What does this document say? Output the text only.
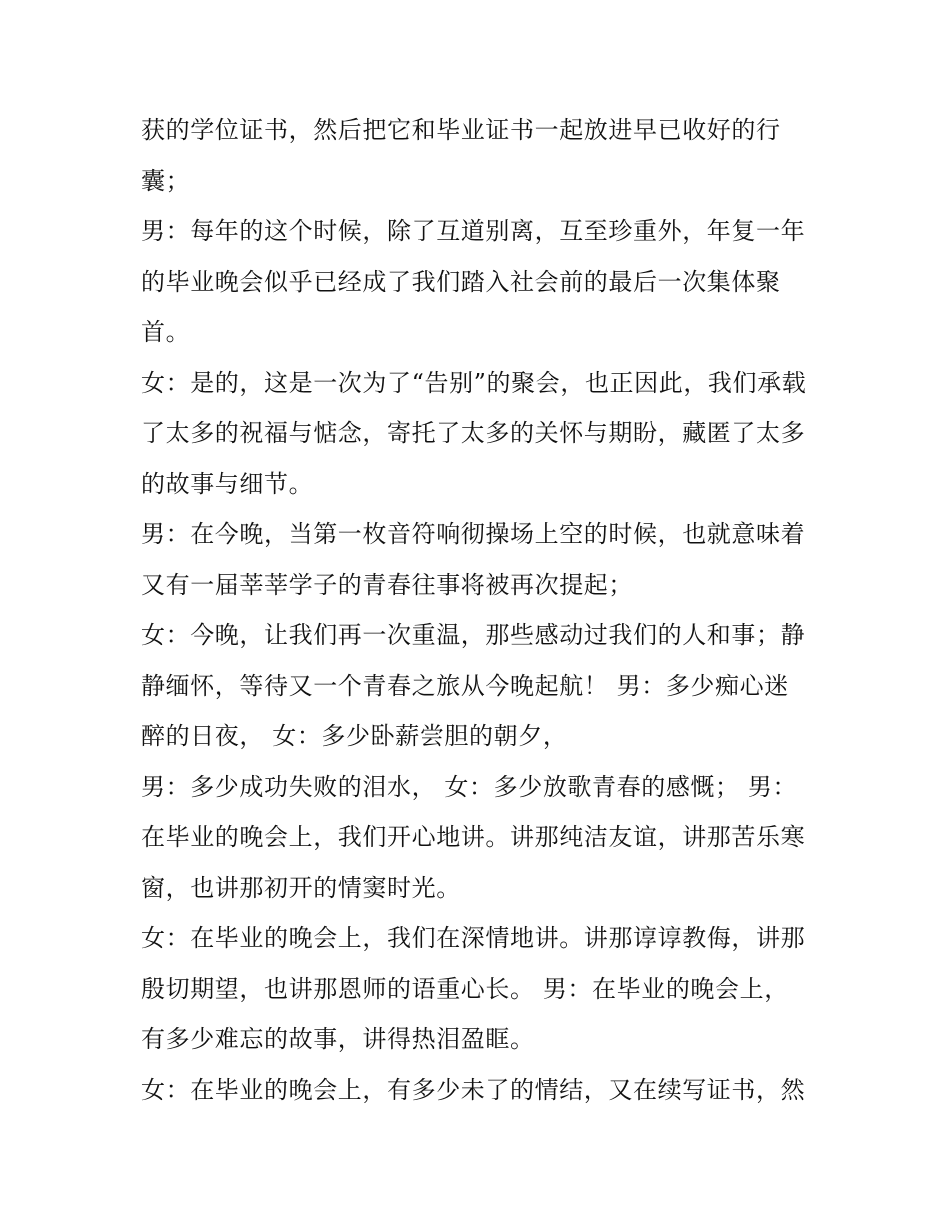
获的学位证书，然后把它和毕业证书一起放进早已收好的行
囊；
男：每年的这个时候，除了互道别离，互至珍重外，年复一年
的毕业晚会似乎已经成了我们踏入社会前的最后一次集体聚
首。
女：是的，这是一次为了“告别”的聚会，也正因此，我们承载
了太多的祝福与惦念，寄托了太多的关怀与期盼，藏匿了太多
的故事与细节。
男：在今晚，当第一枚音符响彻操场上空的时候，也就意味着
又有一届莘莘学子的青春往事将被再次提起；
女：今晚，让我们再一次重温，那些感动过我们的人和事；静
静缅怀，等待又一个青春之旅从今晚起航！ 男：多少痴心迷
醉的日夜， 女：多少卧薪尝胆的朝夕，
男：多少成功失败的泪水， 女：多少放歌青春的感慨； 男：
在毕业的晚会上，我们开心地讲。讲那纯洁友谊，讲那苦乐寒
窗，也讲那初开的情窦时光。
女：在毕业的晚会上，我们在深情地讲。讲那谆谆教侮，讲那
殷切期望，也讲那恩师的语重心长。 男：在毕业的晚会上，
有多少难忘的故事，讲得热泪盈眶。
女：在毕业的晚会上，有多少未了的情结，又在续写证书，然
